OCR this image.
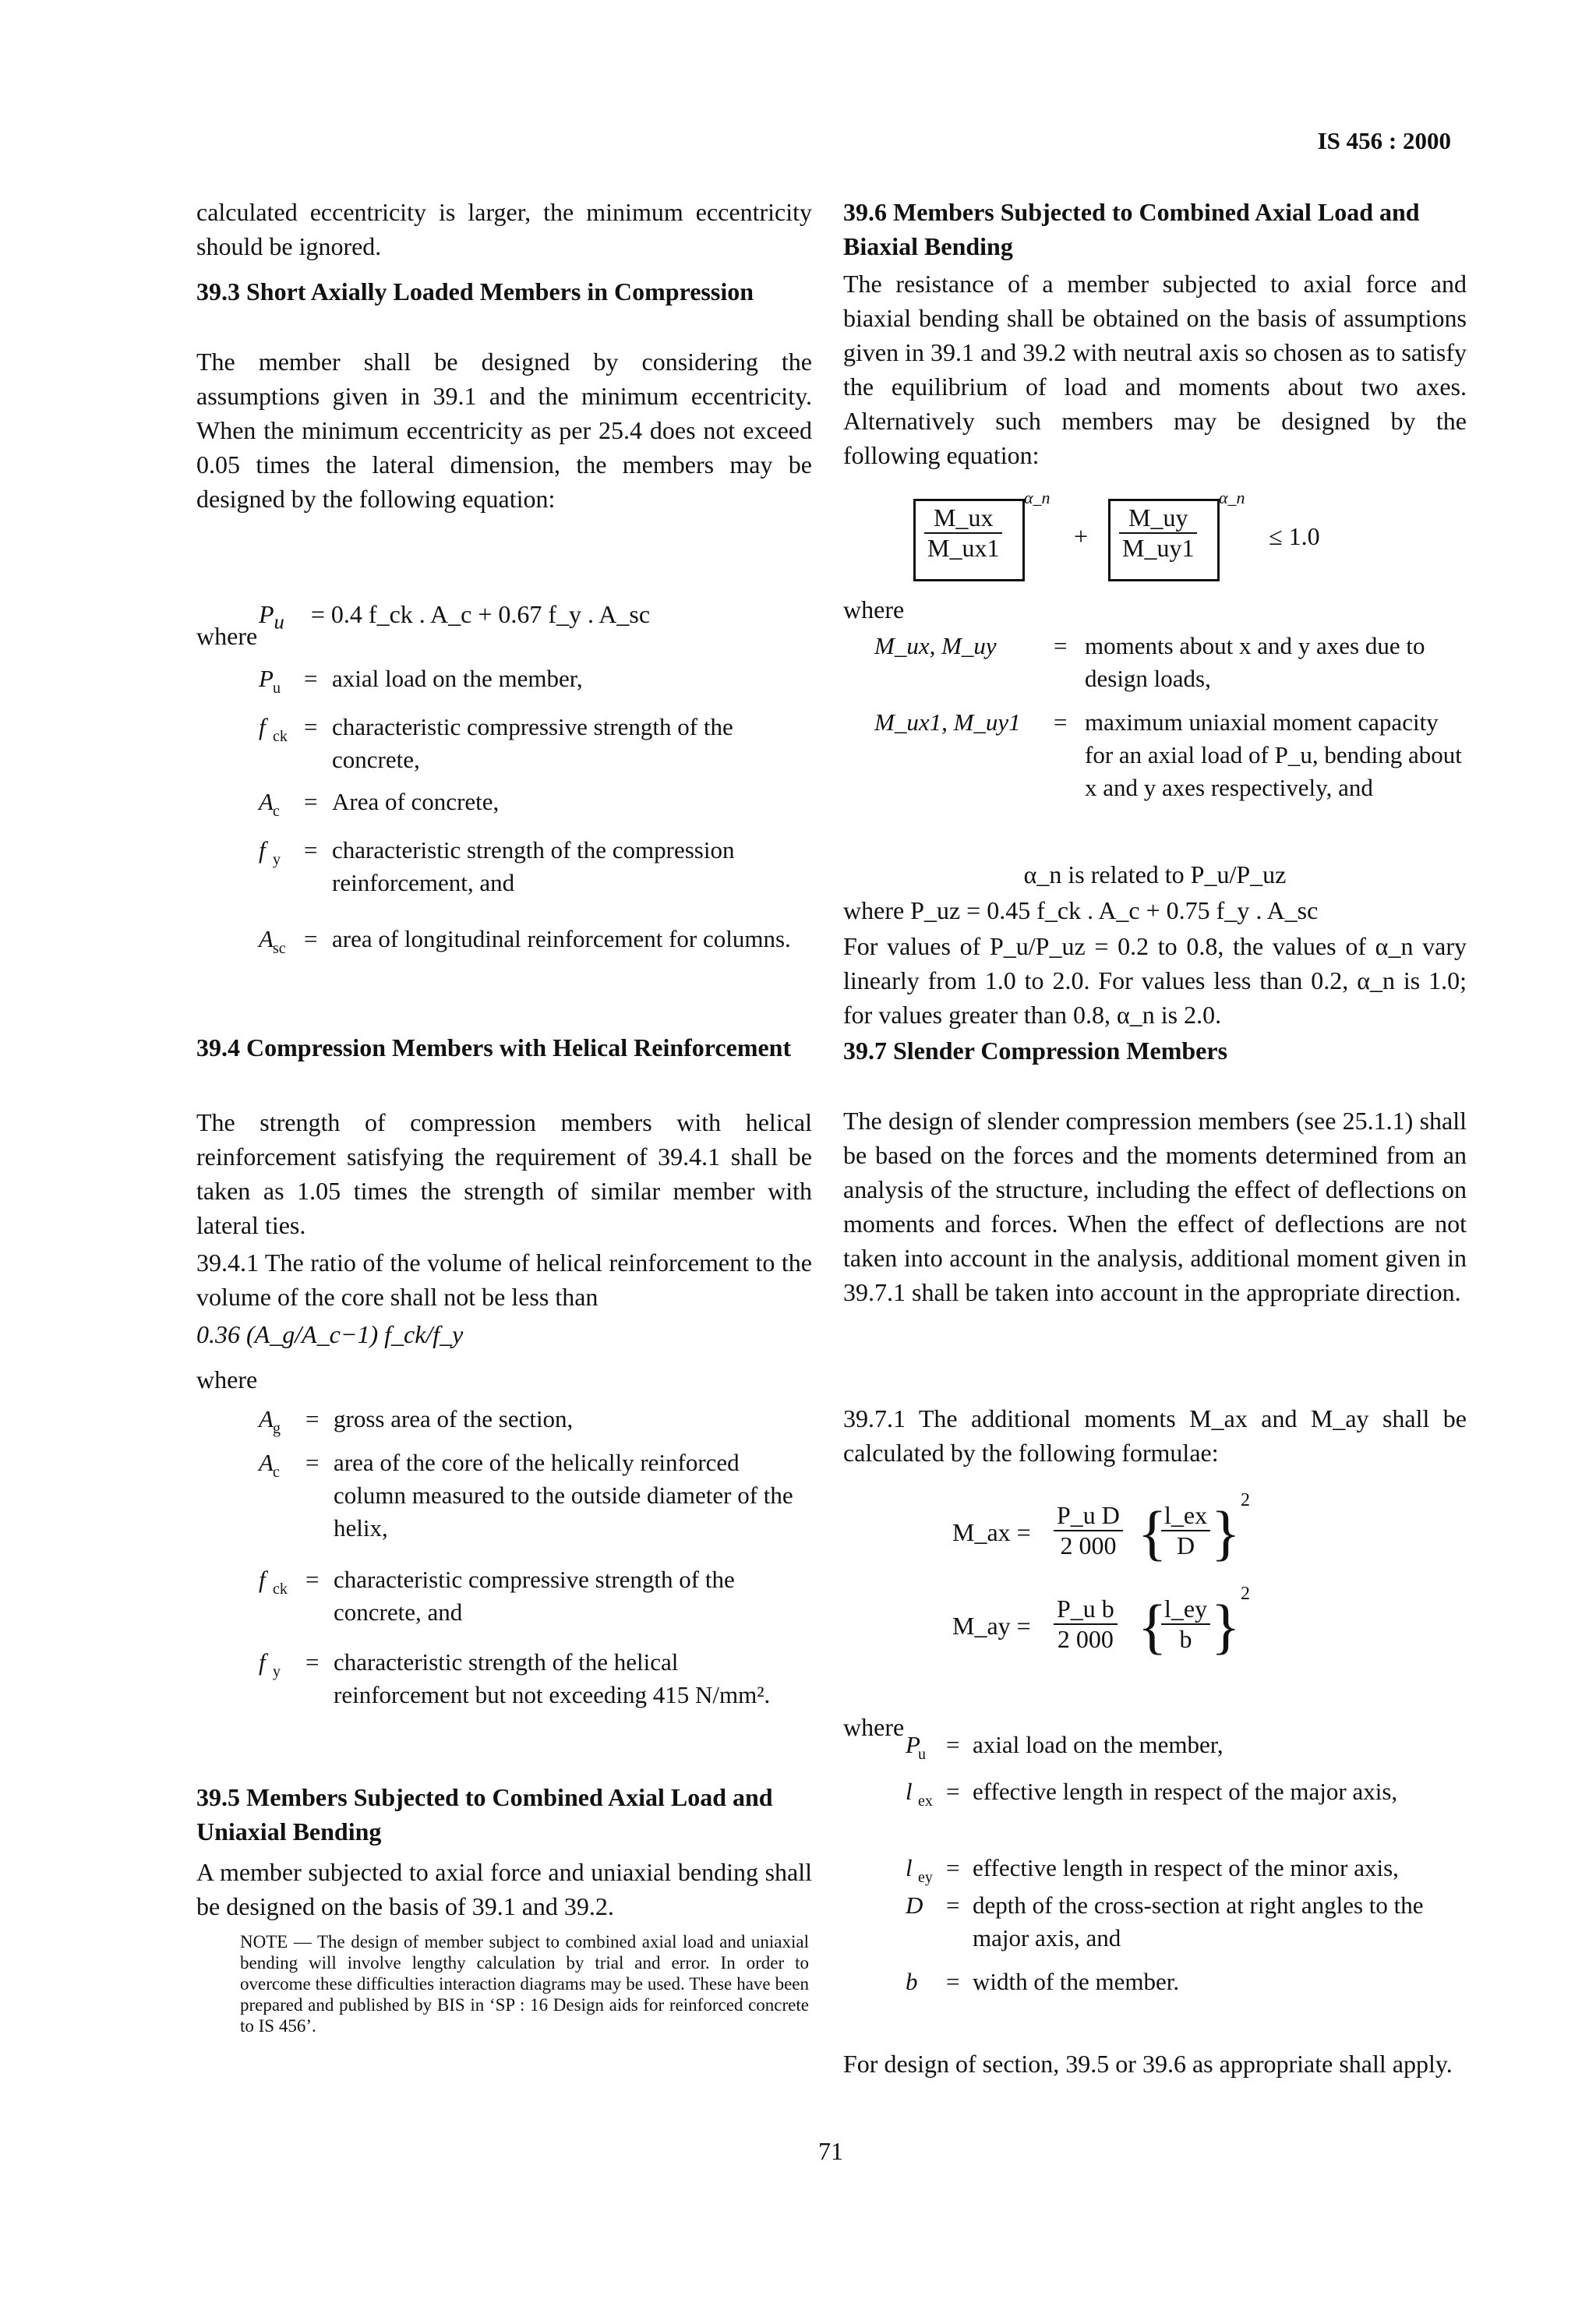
IS 456 : 2000
calculated eccentricity is larger, the minimum eccentricity should be ignored.
39.3 Short Axially Loaded Members in Compression
The member shall be designed by considering the assumptions given in 39.1 and the minimum eccentricity. When the minimum eccentricity as per 25.4 does not exceed 0.05 times the lateral dimension, the members may be designed by the following equation:
$P_u = 0.4$ f_ck . A_c + 0.67 f_y . A_sc
where
P u = axial load on the member,
f ck = characteristic compressive strength of the concrete,
A c = Area of concrete,
f y = characteristic strength of the compression reinforcement, and
A sc = area of longitudinal reinforcement for columns.
39.4 Compression Members with Helical Reinforcement
The strength of compression members with helical reinforcement satisfying the requirement of 39.4.1 shall be taken as 1.05 times the strength of similar member with lateral ties.
39.4.1 The ratio of the volume of helical reinforcement to the volume of the core shall not be less than
0.36 (A_g/A_c−1) f_ck/f_y
where
A g = gross area of the section,
A c = area of the core of the helically reinforced column measured to the outside diameter of the helix,
f ck = characteristic compressive strength of the concrete, and
f y = characteristic strength of the helical reinforcement but not exceeding 415 N/mm².
39.5 Members Subjected to Combined Axial Load and Uniaxial Bending
A member subjected to axial force and uniaxial bending shall be designed on the basis of 39.1 and 39.2.
NOTE — The design of member subject to combined axial load and uniaxial bending will involve lengthy calculation by trial and error. In order to overcome these difficulties interaction diagrams may be used. These have been prepared and published by BIS in ‘SP : 16 Design aids for reinforced concrete to IS 456’.
39.6 Members Subjected to Combined Axial Load and Biaxial Bending
The resistance of a member subjected to axial force and biaxial bending shall be obtained on the basis of assumptions given in 39.1 and 39.2 with neutral axis so chosen as to satisfy the equilibrium of load and moments about two axes. Alternatively such members may be designed by the following equation:
$\frac{M\_ux}{M\_ux1}$
α_n
+ $\frac{M\_uy}{M\_uy1}$
α_n
≤ 1.0
where
M_ux, M_uy = moments about x and y axes due to design loads,
M_ux1, M_uy1 = maximum uniaxial moment capacity for an axial load of P_u, bending about x and y axes respectively, and
α_n is related to P_u/P_uz
where P_uz = 0.45 f_ck . A_c + 0.75 f_y . A_sc
For values of P_u/P_uz = 0.2 to 0.8, the values of α_n vary linearly from 1.0 to 2.0. For values less than 0.2, α_n is 1.0; for values greater than 0.8, α_n is 2.0.
39.7 Slender Compression Members
The design of slender compression members (see 25.1.1) shall be based on the forces and the moments determined from an analysis of the structure, including the effect of deflections on moments and forces. When the effect of deflections are not taken into account in the analysis, additional moment given in 39.7.1 shall be taken into account in the appropriate direction.
39.7.1 The additional moments M_ax and M_ay shall be calculated by the following formulae:
M_ax = $\frac{\text{P\_u D}}{2 000}$ {
$\frac{l\_ex}{D}$ } 2
M_ay = $\frac{\text{P\_u b}}{2 000}$ {
$\frac{l\_ey}{b}$ } 2
where
P
u = axial load on the member,
l ex = effective length in respect of the major axis,
l ey = effective length in respect of the minor axis,
D = depth of the cross-section at right angles to the major axis, and
b = width of the member.
For design of section, 39.5 or 39.6 as appropriate shall apply.
71
